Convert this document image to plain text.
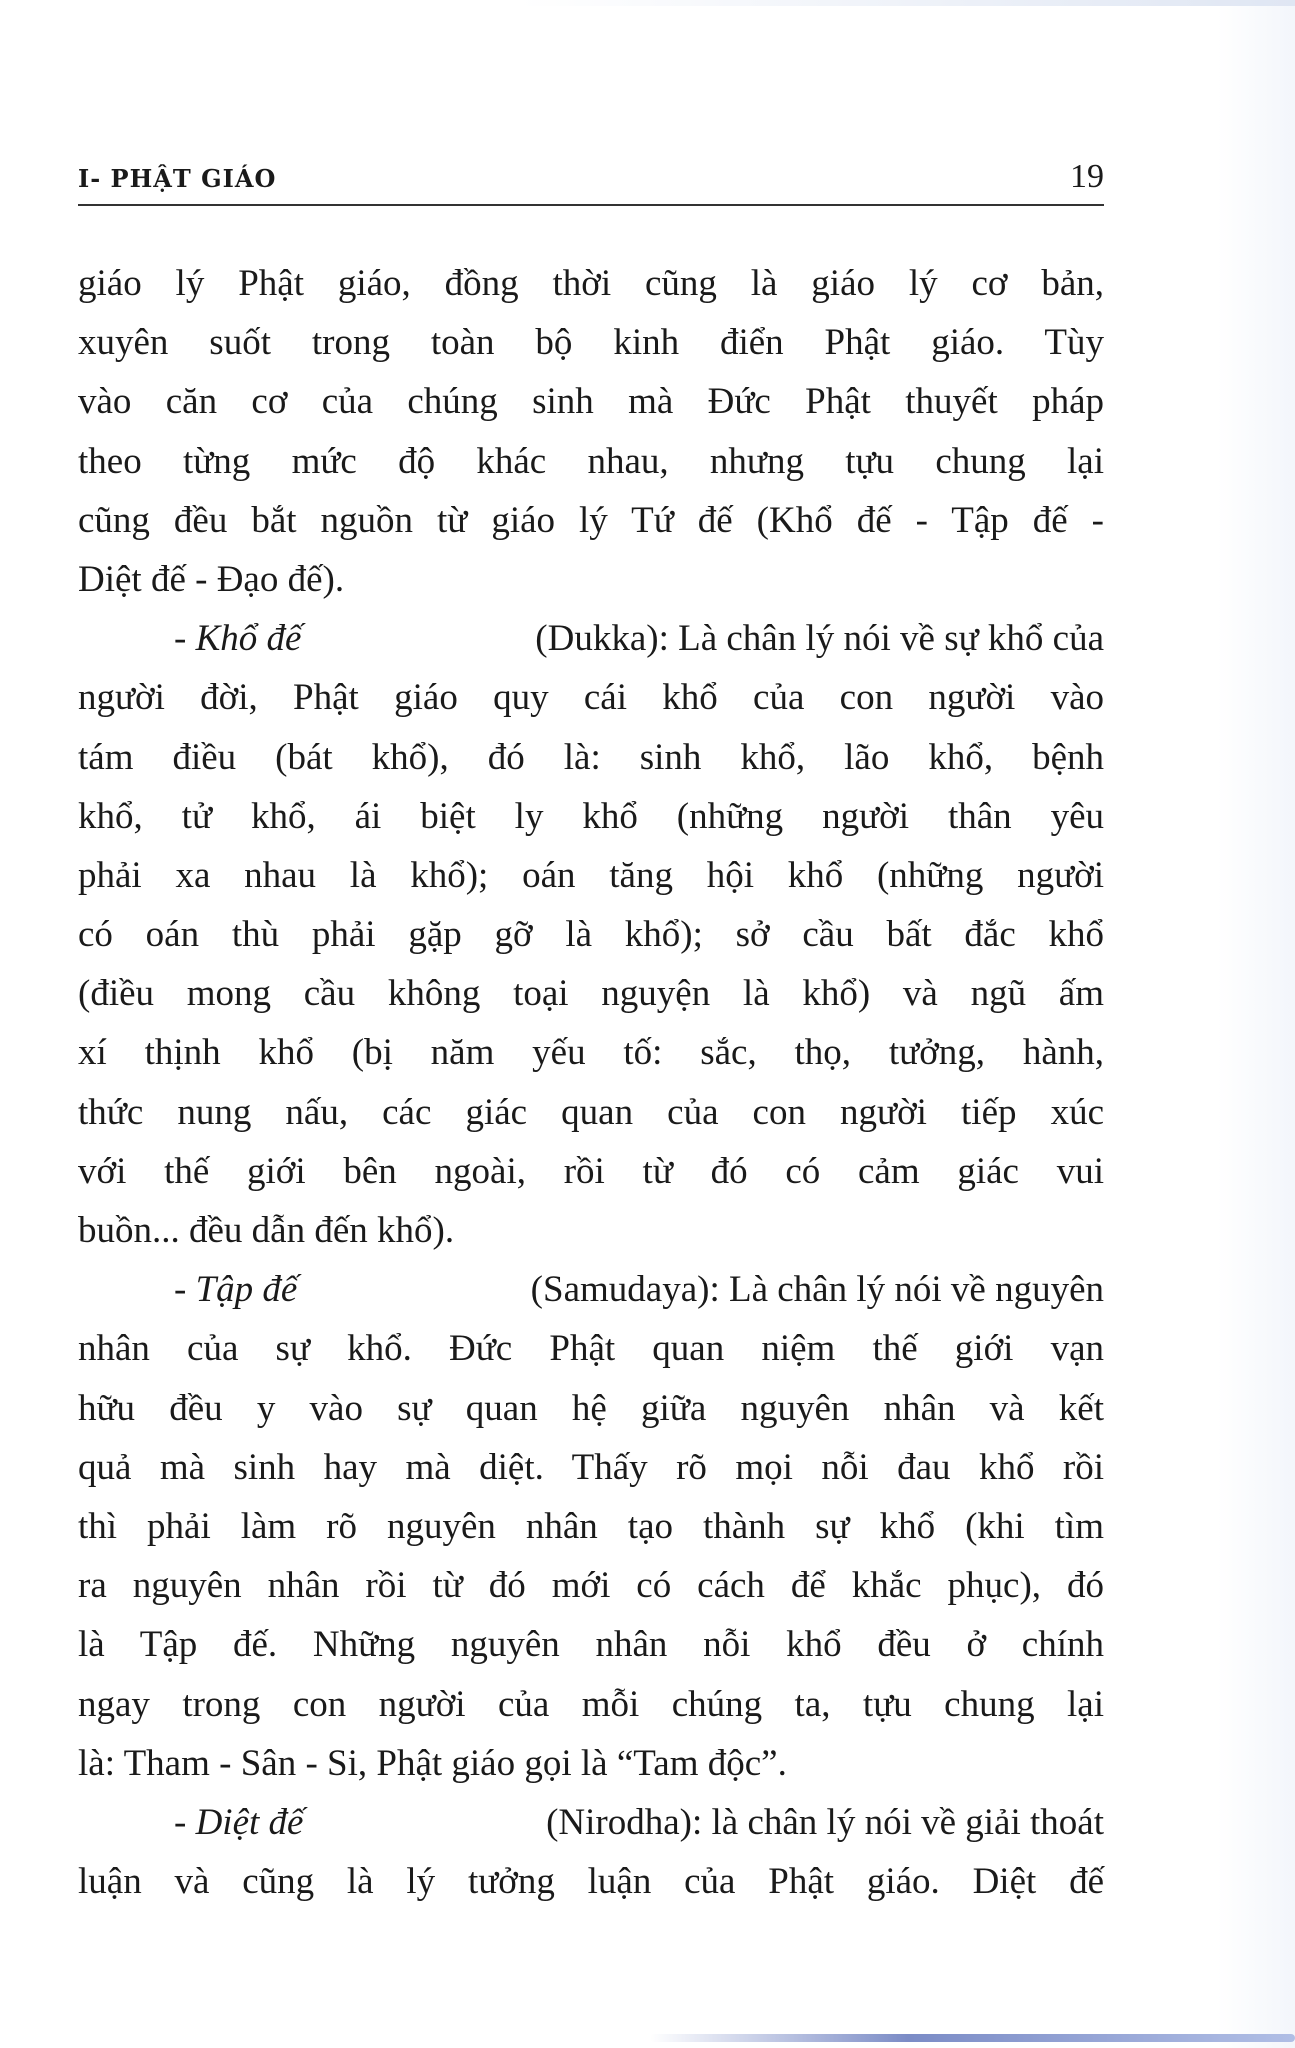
I- PHẬT GIÁO	19
giáo lý Phật giáo, đồng thời cũng là giáo lý cơ bản,
xuyên suốt trong toàn bộ kinh điển Phật giáo. Tùy
vào căn cơ của chúng sinh mà Đức Phật thuyết pháp
theo từng mức độ khác nhau, nhưng tựu chung lại
cũng đều bắt nguồn từ giáo lý Tứ đế (Khổ đế - Tập đế -
Diệt đế - Đạo đế).
- Khổ đế	(Dukka): Là chân lý nói về sự khổ của
người đời, Phật giáo quy cái khổ của con người vào
tám điều (bát khổ), đó là: sinh khổ, lão khổ, bệnh
khổ, tử khổ, ái biệt ly khổ (những người thân yêu
phải xa nhau là khổ); oán tăng hội khổ (những người
có oán thù phải gặp gỡ là khổ); sở cầu bất đắc khổ
(điều mong cầu không toại nguyện là khổ) và ngũ ấm
xí thịnh khổ (bị năm yếu tố: sắc, thọ, tưởng, hành,
thức nung nấu, các giác quan của con người tiếp xúc
với thế giới bên ngoài, rồi từ đó có cảm giác vui
buồn... đều dẫn đến khổ).
- Tập đế	(Samudaya): Là chân lý nói về nguyên
nhân của sự khổ. Đức Phật quan niệm thế giới vạn
hữu đều y vào sự quan hệ giữa nguyên nhân và kết
quả mà sinh hay mà diệt. Thấy rõ mọi nỗi đau khổ rồi
thì phải làm rõ nguyên nhân tạo thành sự khổ (khi tìm
ra nguyên nhân rồi từ đó mới có cách để khắc phục), đó
là Tập đế. Những nguyên nhân nỗi khổ đều ở chính
ngay trong con người của mỗi chúng ta, tựu chung lại
là: Tham - Sân - Si, Phật giáo gọi là “Tam độc”.
- Diệt đế	(Nirodha): là chân lý nói về giải thoát
luận và cũng là lý tưởng luận của Phật giáo. Diệt đế
